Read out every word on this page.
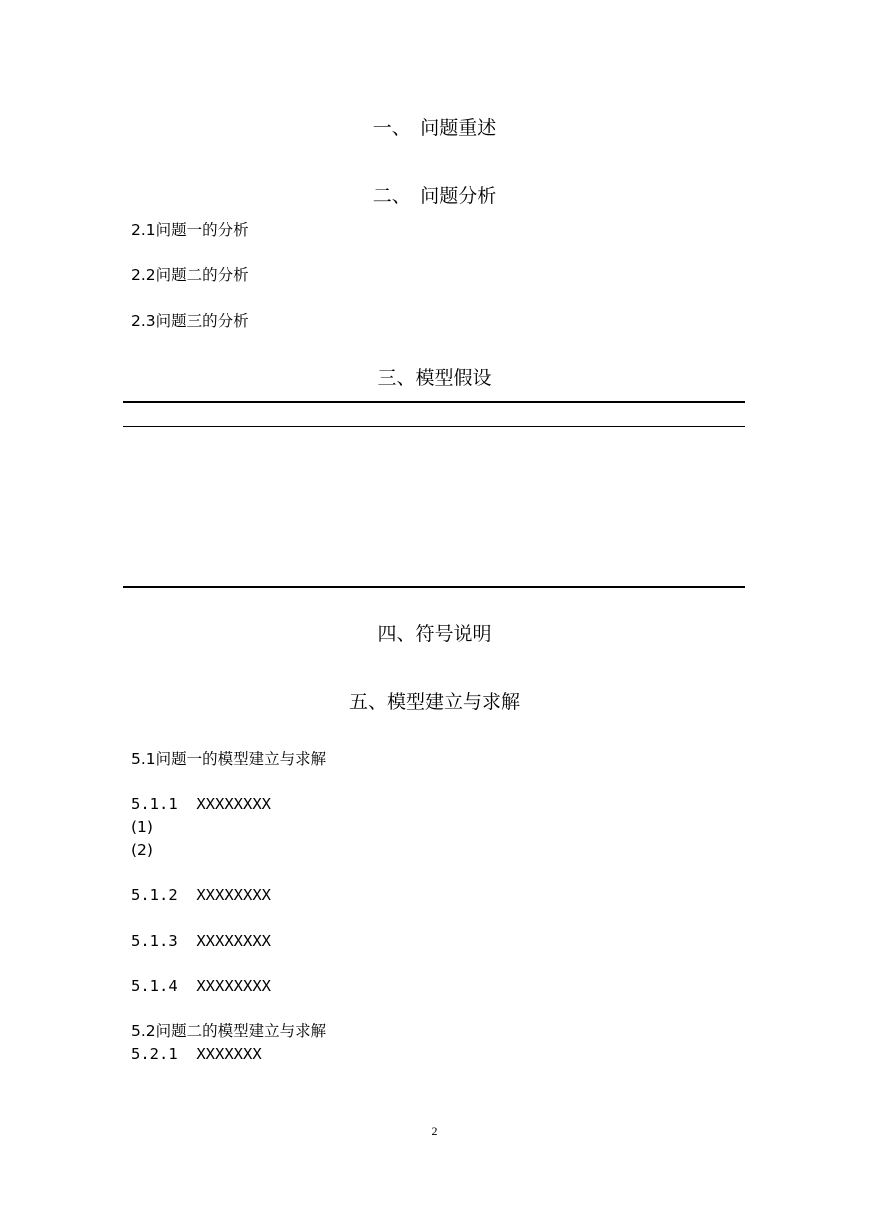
一、　问题重述
二、　问题分析
2.1问题一的分析
2.2问题二的分析
2.3问题三的分析
三、模型假设
四、符号说明
五、模型建立与求解
5.1问题一的模型建立与求解
5.1.1  XXXXXXXX
(1)
(2)
5.1.2  XXXXXXXX
5.1.3  XXXXXXXX
5.1.4  XXXXXXXX
5.2问题二的模型建立与求解
5.2.1  XXXXXXX
2
